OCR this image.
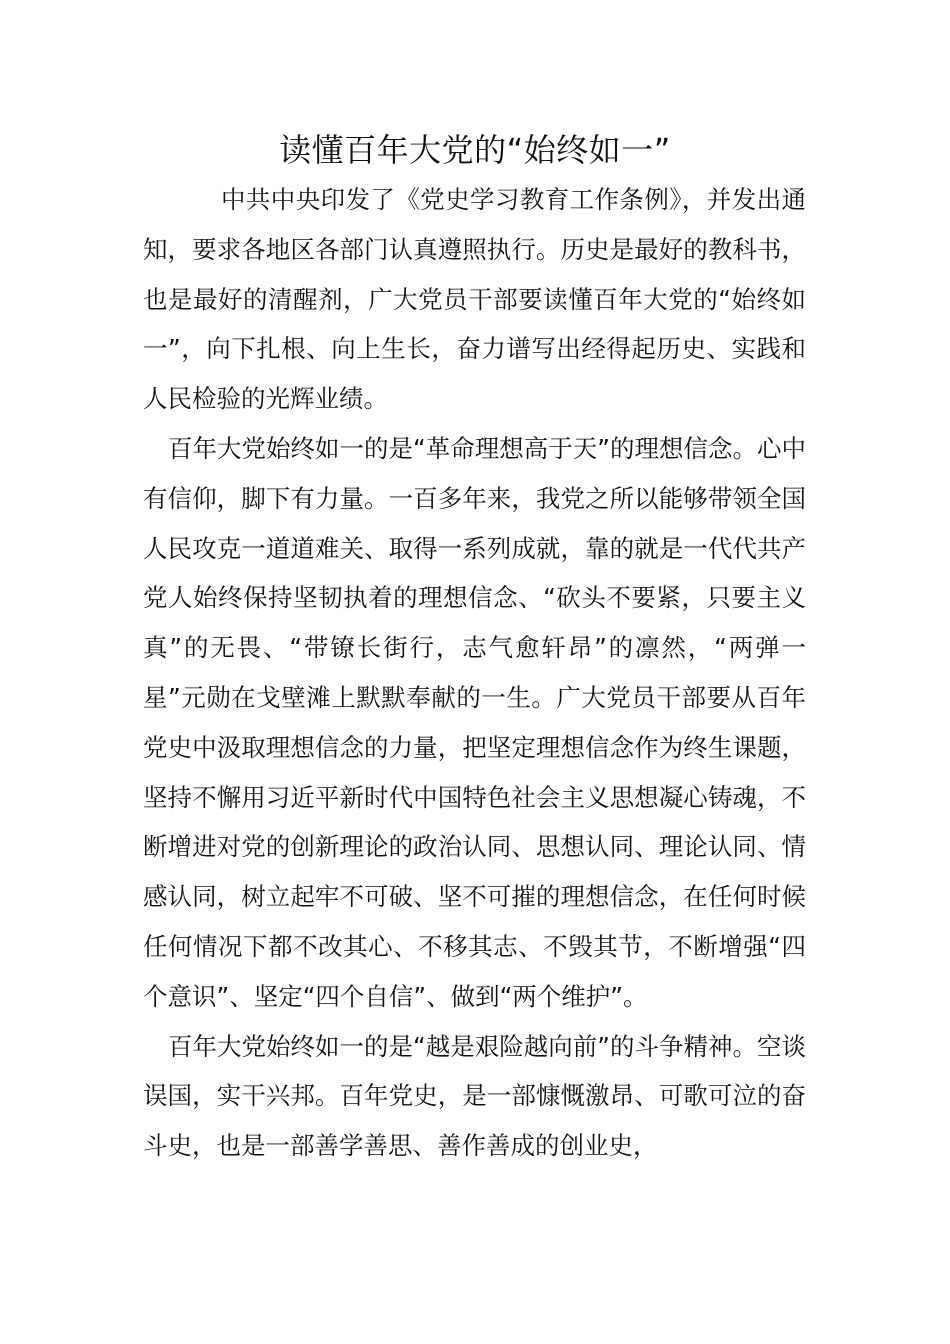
读懂百年大党的“始终如一”

中共中央印发了《党史学习教育工作条例》，并发出通知，要求各地区各部门认真遵照执行。历史是最好的教科书，也是最好的清醒剂，广大党员干部要读懂百年大党的“始终如一”，向下扎根、向上生长，奋力谱写出经得起历史、实践和人民检验的光辉业绩。

百年大党始终如一的是“革命理想高于天”的理想信念。心中有信仰，脚下有力量。一百多年来，我党之所以能够带领全国人民攻克一道道难关、取得一系列成就，靠的就是一代代共产党人始终保持坚韧执着的理想信念、“砍头不要紧，只要主义真”的无畏、“带镣长街行，志气愈轩昂”的凛然，“两弹一星”元勋在戈壁滩上默默奉献的一生。广大党员干部要从百年党史中汲取理想信念的力量，把坚定理想信念作为终生课题，坚持不懈用习近平新时代中国特色社会主义思想凝心铸魂，不断增进对党的创新理论的政治认同、思想认同、理论认同、情感认同，树立起牢不可破、坚不可摧的理想信念，在任何时候任何情况下都不改其心、不移其志、不毁其节，不断增强“四个意识”、坚定“四个自信”、做到“两个维护”。

百年大党始终如一的是“越是艰险越向前”的斗争精神。空谈误国，实干兴邦。百年党史，是一部慷慨激昂、可歌可泣的奋斗史，也是一部善学善思、善作善成的创业史，
